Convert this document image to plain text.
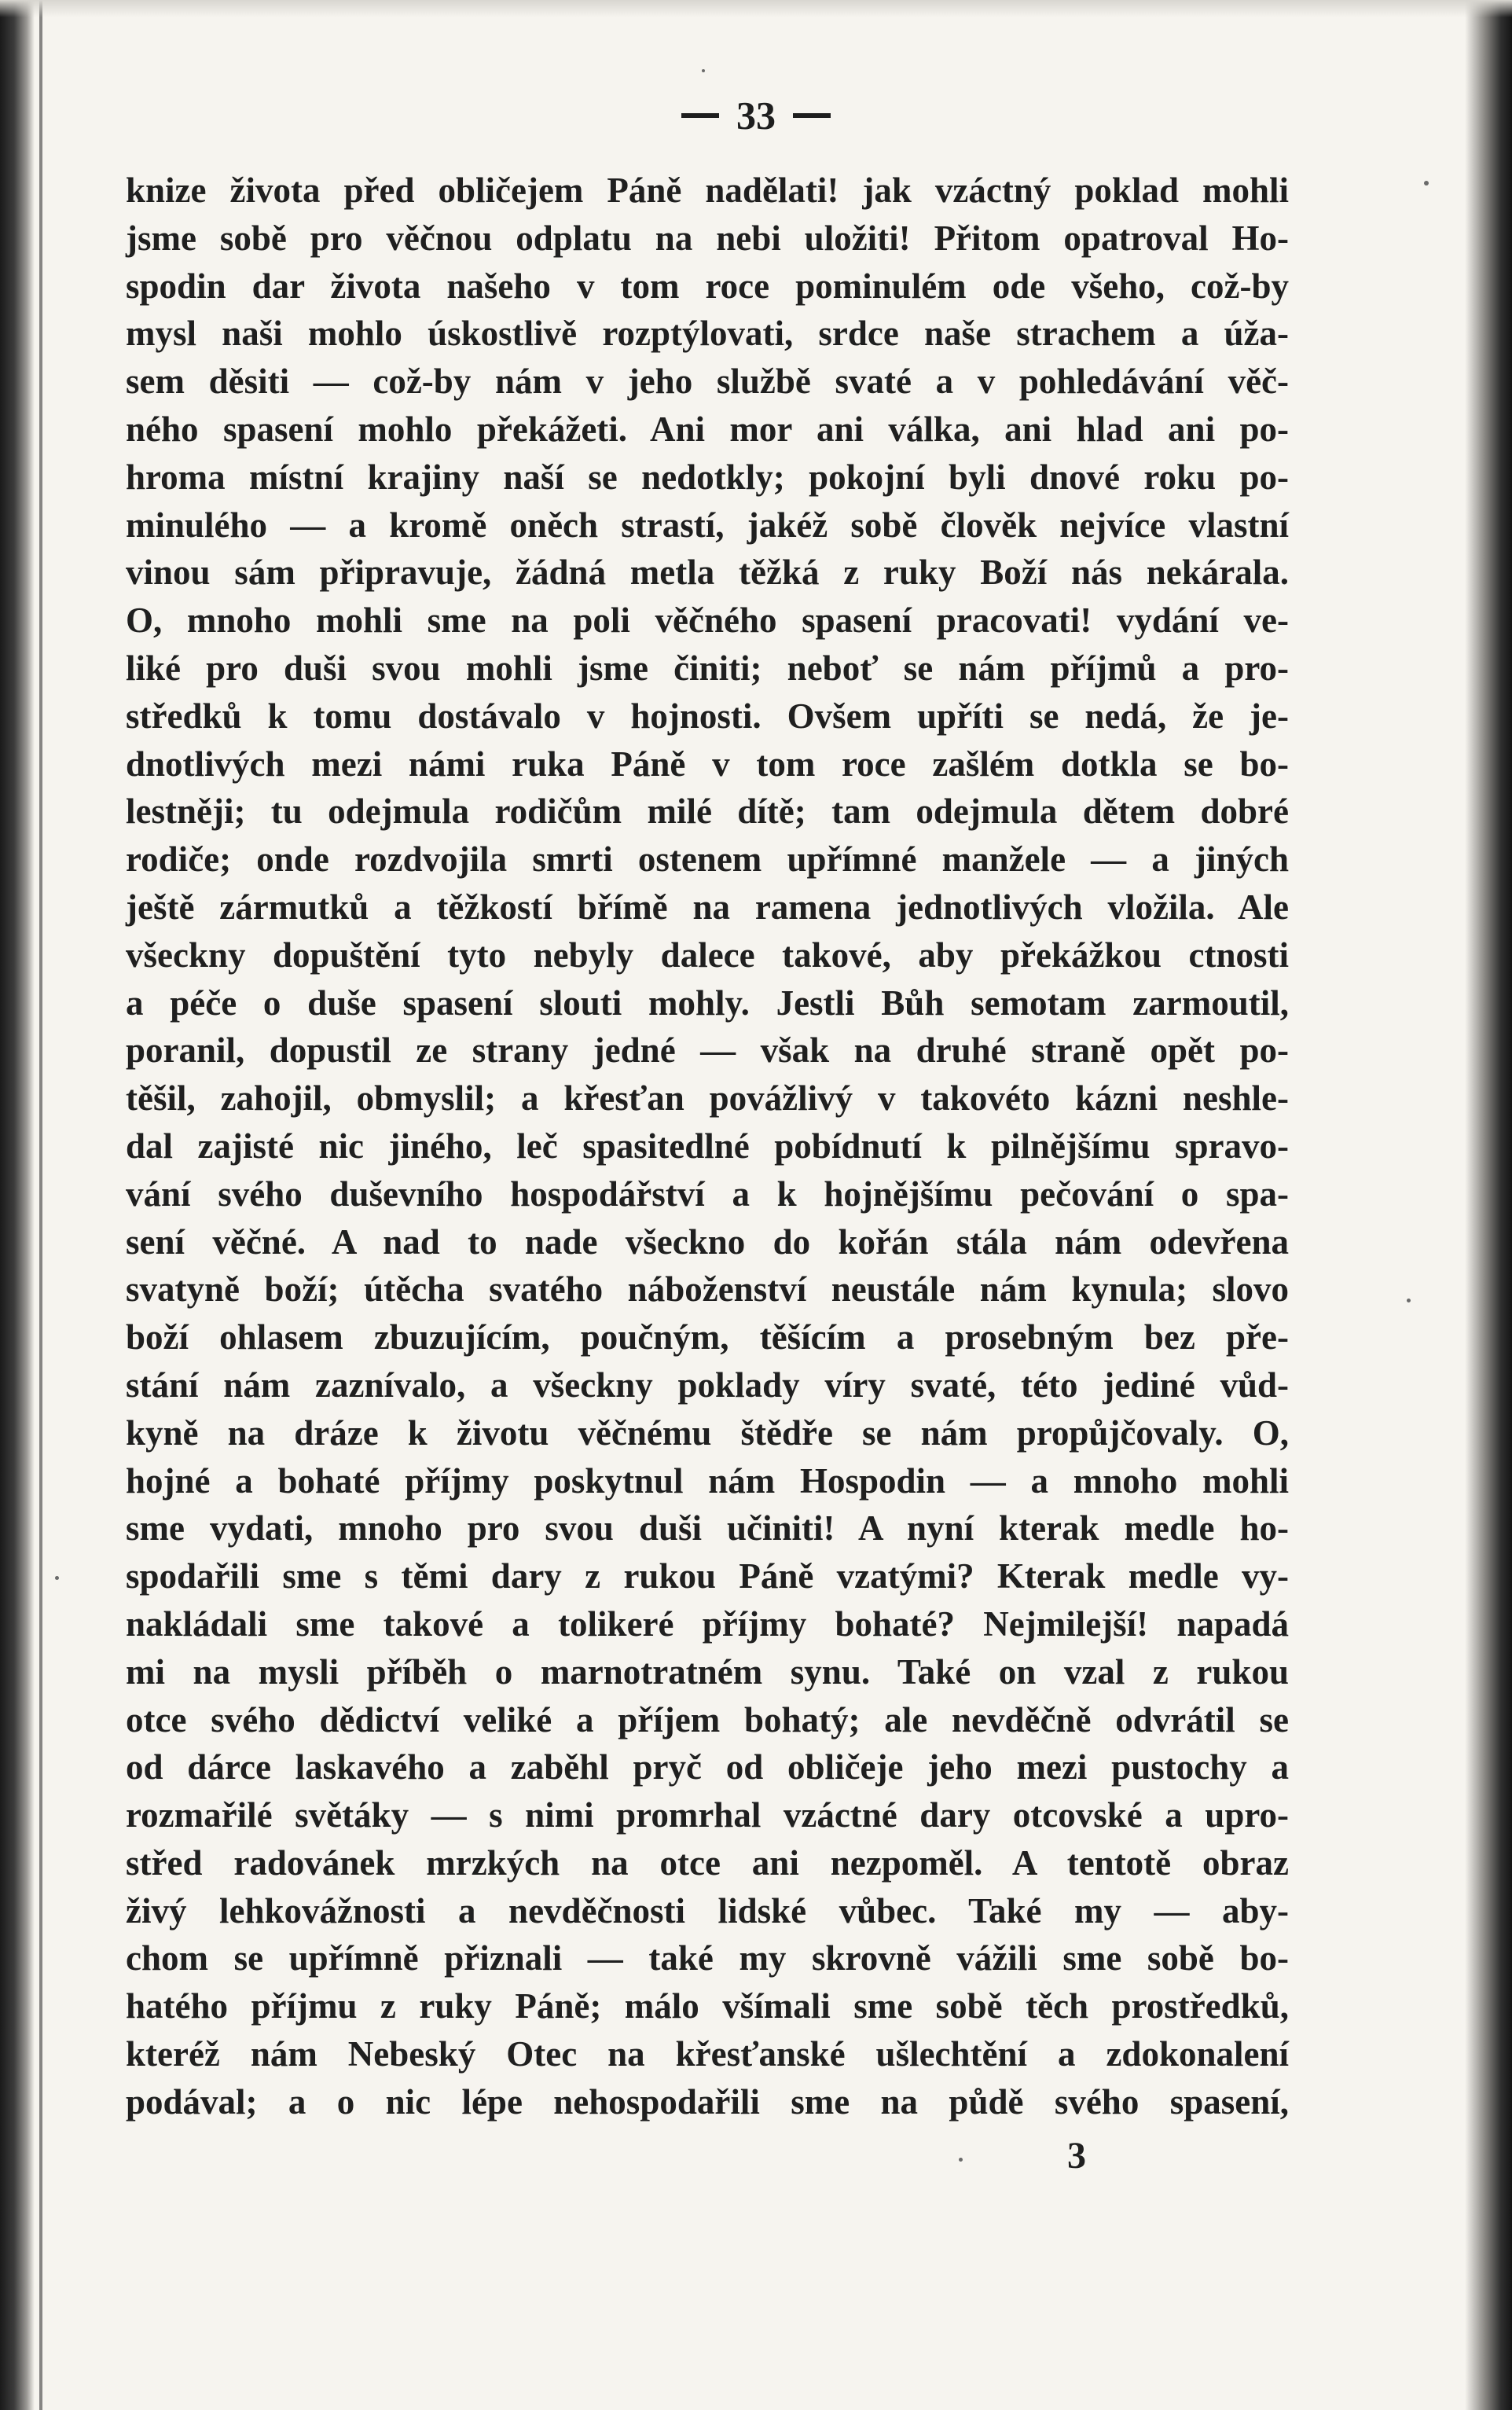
33
knize života před obličejem Páně nadělati! jak vzáctný poklad mohli
jsme sobě pro věčnou odplatu na nebi uložiti! Přitom opatroval Ho-
spodin dar života našeho v tom roce pominulém ode všeho, což-by
mysl naši mohlo úskostlivě rozptýlovati, srdce naše strachem a úža-
sem děsiti — což-by nám v jeho službě svaté a v pohledávání věč-
ného spasení mohlo překážeti. Ani mor ani válka, ani hlad ani po-
hroma místní krajiny naší se nedotkly; pokojní byli dnové roku po-
minulého — a kromě oněch strastí, jakéž sobě člověk nejvíce vlastní
vinou sám připravuje, žádná metla těžká z ruky Boží nás nekárala.
O, mnoho mohli sme na poli věčného spasení pracovati! vydání ve-
liké pro duši svou mohli jsme činiti; neboť se nám příjmů a pro-
středků k tomu dostávalo v hojnosti. Ovšem upříti se nedá, že je-
dnotlivých mezi námi ruka Páně v tom roce zašlém dotkla se bo-
lestněji; tu odejmula rodičům milé dítě; tam odejmula dětem dobré
rodiče; onde rozdvojila smrti ostenem upřímné manžele — a jiných
ještě zármutků a těžkostí břímě na ramena jednotlivých vložila. Ale
všeckny dopuštění tyto nebyly dalece takové, aby překážkou ctnosti
a péče o duše spasení slouti mohly. Jestli Bůh semotam zarmoutil,
poranil, dopustil ze strany jedné — však na druhé straně opět po-
těšil, zahojil, obmyslil; a křesťan povážlivý v takovéto kázni neshle-
dal zajisté nic jiného, leč spasitedlné pobídnutí k pilnějšímu spravo-
vání svého duševního hospodářství a k hojnějšímu pečování o spa-
sení věčné. A nad to nade všeckno do kořán stála nám odevřena
svatyně boží; útěcha svatého náboženství neustále nám kynula; slovo
boží ohlasem zbuzujícím, poučným, těšícím a prosebným bez pře-
stání nám zaznívalo, a všeckny poklady víry svaté, této jediné vůd-
kyně na dráze k životu věčnému štědře se nám propůjčovaly. O,
hojné a bohaté příjmy poskytnul nám Hospodin — a mnoho mohli
sme vydati, mnoho pro svou duši učiniti! A nyní kterak medle ho-
spodařili sme s těmi dary z rukou Páně vzatými? Kterak medle vy-
nakládali sme takové a tolikeré příjmy bohaté? Nejmilejší! napadá
mi na mysli příběh o marnotratném synu. Také on vzal z rukou
otce svého dědictví veliké a příjem bohatý; ale nevděčně odvrátil se
od dárce laskavého a zaběhl pryč od obličeje jeho mezi pustochy a
rozmařilé světáky — s nimi promrhal vzáctné dary otcovské a upro-
střed radovánek mrzkých na otce ani nezpoměl. A tentotě obraz
živý lehkovážnosti a nevděčnosti lidské vůbec. Také my — aby-
chom se upřímně přiznali — také my skrovně vážili sme sobě bo-
hatého příjmu z ruky Páně; málo všímali sme sobě těch prostředků,
kteréž nám Nebeský Otec na křesťanské ušlechtění a zdokonalení
podával; a o nic lépe nehospodařili sme na půdě svého spasení,
3
